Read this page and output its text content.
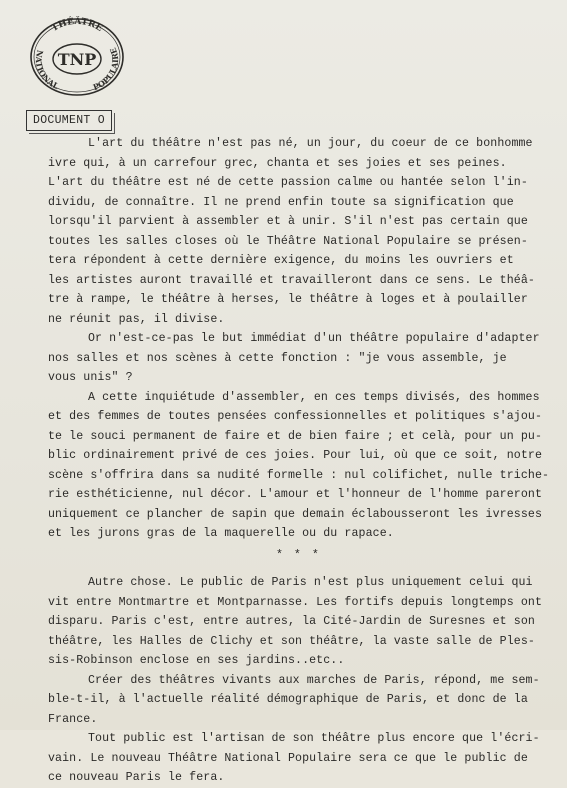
THÉÂTRE
NATIONAL	POPULAIRE
TNP
DOCUMENT O
L'art du théâtre n'est pas né, un jour, du coeur de ce bonhomme
ivre qui, à un carrefour grec, chanta et ses joies et ses peines.
L'art du théâtre est né de cette passion calme ou hantée selon l'in-
dividu, de connaître. Il ne prend enfin toute sa signification que
lorsqu'il parvient à assembler et à unir. S'il n'est pas certain que
toutes les salles closes où le Théâtre National Populaire se présen-
tera répondent à cette dernière exigence, du moins les ouvriers et
les artistes auront travaillé et travailleront dans ce sens. Le théâ-
tre à rampe, le théâtre à herses, le théâtre à loges et à poulailler
ne réunit pas, il divise.
Or n'est-ce-pas le but immédiat d'un théâtre populaire d'adapter
nos salles et nos scènes à cette fonction : "je vous assemble, je
vous unis" ?
A cette inquiétude d'assembler, en ces temps divisés, des hommes
et des femmes de toutes pensées confessionnelles et politiques s'ajou-
te le souci permanent de faire et de bien faire ; et celà, pour un pu-
blic ordinairement privé de ces joies. Pour lui, où que ce soit, notre
scène s'offrira dans sa nudité formelle : nul colifichet, nulle triche-
rie esthéticienne, nul décor. L'amour et l'honneur de l'homme pareront
uniquement ce plancher de sapin que demain éclabousseront les ivresses
et les jurons gras de la maquerelle ou du rapace.
* * *
Autre chose. Le public de Paris n'est plus uniquement celui qui
vit entre Montmartre et Montparnasse. Les fortifs depuis longtemps ont
disparu. Paris c'est, entre autres, la Cité-Jardin de Suresnes et son
théâtre, les Halles de Clichy et son théâtre, la vaste salle de Ples-
sis-Robinson enclose en ses jardins..etc..
Créer des théâtres vivants aux marches de Paris, répond, me sem-
ble-t-il, à l'actuelle réalité démographique de Paris, et donc de la
France.
Tout public est l'artisan de son théâtre plus encore que l'écri-
vain. Le nouveau Théâtre National Populaire sera ce que le public de
ce nouveau Paris le fera.
